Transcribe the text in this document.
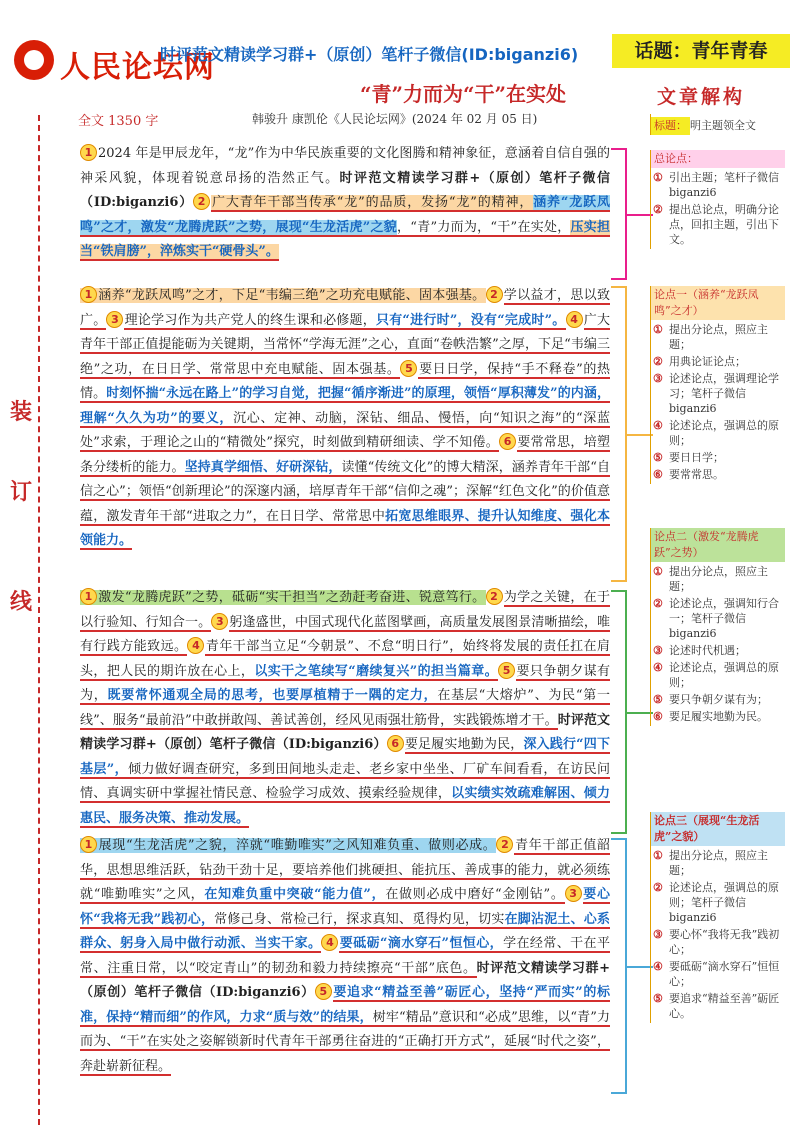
人民论坛网
时评范文精读学习群+（原创）笔杆子微信(ID:biganzi6)	话题：青年青春
“青”力而为“干”在实处
全文 1350 字	韩骏升 康凯伦《人民论坛网》(2024 年 02 月 05 日)
装
订
线

1 2024 年是甲辰龙年，“龙”作为中华民族重要的文化图腾和精神象征，意涵着自信自强的神采风貌，体现着锐意昂扬的浩然正气。时评范文精读学习群+（原创）笔杆子微信（ID:biganzi6） 2 广大青年干部当传承“龙”的品质，发扬“龙”的精神，涵养“龙跃凤鸣”之才，激发“龙腾虎跃”之势，展现“生龙活虎”之貌，“青”力而为，“干”在实处，压实担当“铁肩膀”，淬炼实干“硬骨头”。

1 涵养“龙跃凤鸣”之才，下足“韦编三绝”之功充电赋能、固本强基。 2 学以益才，思以致广。 3 理论学习作为共产党人的终生课和必修题，只有“进行时”，没有“完成时”。 4 广大青年干部正值提能砺为关键期，当常怀“学海无涯”之心，直面“卷帙浩繁”之厚，下足“韦编三绝”之功，在日日学、常常思中充电赋能、固本强基。 5 要日日学，保持“手不释卷”的热情。时刻怀揣“永远在路上”的学习自觉，把握“循序渐进”的原理，领悟“厚积薄发”的内涵，理解“久久为功”的要义，沉心、定神、动脑，深钻、细品、慢悟，向“知识之海”的“深蓝处”求索，于理论之山的“精微处”探究，时刻做到精研细读、学不知倦。 6 要常常思，培塑条分缕析的能力。坚持真学细悟、好研深钻，读懂“传统文化”的博大精深，涵养青年干部“自信之心”；领悟“创新理论”的深邃内涵，培厚青年干部“信仰之魂”；深解“红色文化”的价值意蕴，激发青年干部“进取之力”，在日日学、常常思中拓宽思维眼界、提升认知维度、强化本领能力。

1 激发“龙腾虎跃”之势，砥砺“实干担当”之劲赶考奋进、锐意笃行。 2 为学之关键，在于以行验知、行知合一。 3 躬逢盛世，中国式现代化蓝图擘画，高质量发展图景清晰描绘，唯有行践方能致远。 4 青年干部当立足“今朝景”、不怠“明日行”，始终将发展的责任扛在肩头，把人民的期许放在心上，以实干之笔续写“磨续复兴”的担当篇章。 5 要只争朝夕谋有为，既要常怀通观全局的思考，也要厚植精于一隅的定力，在基层“大熔炉”、为民“第一线”、服务“最前沿”中敢拼敢闯、善试善创，经风见雨强壮筋骨，实践锻炼增才干。时评范文精读学习群+（原创）笔杆子微信（ID:biganzi6） 6 要足履实地勤为民，深入践行“四下基层”，倾力做好调查研究，多到田间地头走走、老乡家中坐坐、厂矿车间看看，在访民问情、真调实研中掌握社情民意、检验学习成效、摸索经验规律，以实绩实效疏难解困、倾力惠民、服务决策、推动发展。

1 展现“生龙活虎”之貌，淬就“唯勤唯实”之风知难负重、做则必成。 2 青年干部正值韶华，思想思维活跃，钻劲干劲十足，要培养他们挑硬担、能抗压、善成事的能力，就必须练就“唯勤唯实”之风，在知难负重中突破“能力值”，在做则必成中磨好“金刚钻”。 3 要心怀“我将无我”践初心，常修己身、常检己行，探求真知、觅得灼见，切实在脚沾泥土、心系群众、躬身入局中做行动派、当实干家。 4 要砥砺“滴水穿石”恒恒心，学在经常、干在平常、注重日常，以“咬定青山”的韧劲和毅力持续擦亮“干部”底色。时评范文精读学习群+（原创）笔杆子微信（ID:biganzi6） 5 要追求“精益至善”砺匠心，坚持“严而实”的标准，保持“精而细”的作风，力求“质与效”的结果，树牢“精品”意识和“必成”思维，以“青”力而为、“干”在实处之姿解锁新时代青年干部勇往奋进的“正确打开方式”，延展“时代之姿”，奔赴崭新征程。

文章解构
标题： 明主题领全文
总论点：
① 引出主题；笔杆子微信 biganzi6
② 提出总论点，明确分论点，回扣主题，引出下文。
论点一（涵养“龙跃凤鸣”之才）
① 提出分论点，照应主题；
② 用典论证论点；
③ 论述论点，强调理论学习；笔杆子微信 biganzi6
④ 论述论点，强调总的原则；
⑤ 要日日学；
⑥ 要常常思。
论点二（激发“龙腾虎跃”之势）
① 提出分论点，照应主题；
② 论述论点，强调知行合一；笔杆子微信 biganzi6
③ 论述时代机遇；
④ 论述论点，强调总的原则；
⑤ 要只争朝夕谋有为；
⑥ 要足履实地勤为民。
论点三（展现“生龙活虎”之貌）
① 提出分论点，照应主题；
② 论述论点，强调总的原则；笔杆子微信 biganzi6
③ 要心怀“我将无我”践初心；
④ 要砥砺“滴水穿石”恒恒心；
⑤ 要追求“精益至善”砺匠心。
